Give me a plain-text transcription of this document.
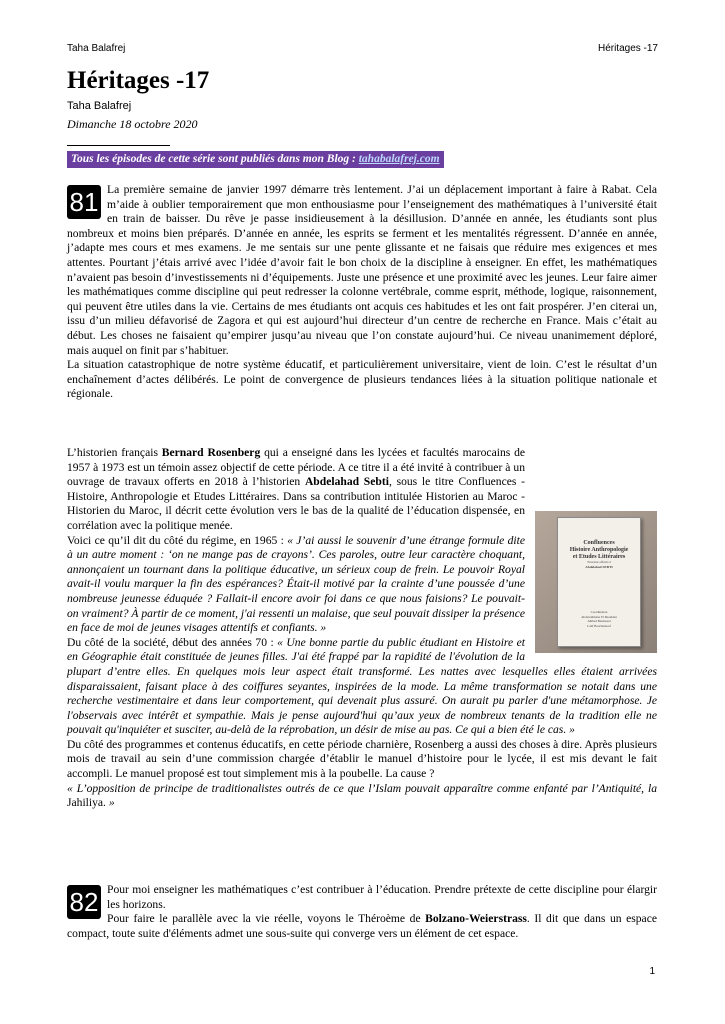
Taha Balafrej	Héritages -17
Héritages -17
Taha Balafrej
Dimanche 18 octobre 2020
Tous les épisodes de cette série sont publiés dans mon Blog : tahabalafrej.com
81 La première semaine de janvier 1997 démarre très lentement. J’ai un déplacement important à faire à Rabat. Cela m’aide à oublier temporairement que mon enthousiasme pour l’enseignement des mathématiques à l’université était en train de baisser. Du rêve je passe insidieusement à la désillusion. D’année en année, les étudiants sont plus nombreux et moins bien préparés. D’année en année, les esprits se ferment et les mentalités régressent. D’année en année, j’adapte mes cours et mes examens. Je me sentais sur une pente glissante et ne faisais que réduire mes exigences et mes attentes. Pourtant j’étais arrivé avec l’idée d’avoir fait le bon choix de la discipline à enseigner. En effet, les mathématiques n’avaient pas besoin d’investissements ni d’équipements. Juste une présence et une proximité avec les jeunes. Leur faire aimer les mathématiques comme discipline qui peut redresser la colonne vertébrale, comme esprit, méthode, logique, raisonnement, qui peuvent être utiles dans la vie. Certains de mes étudiants ont acquis ces habitudes et les ont fait prospérer. J’en citerai un, issu d’un milieu défavorisé de Zagora et qui est aujourd’hui directeur d’un centre de recherche en France. Mais c’était au début. Les choses ne faisaient qu’empirer jusqu’au niveau que l’on constate aujourd’hui. Ce niveau unanimement déploré, mais auquel on finit par s’habituer.

La situation catastrophique de notre système éducatif, et particulièrement universitaire, vient de loin. C’est le résultat d’un enchaînement d’actes délibérés. Le point de convergence de plusieurs tendances liées à la situation politique nationale et régionale.

Confluences
Histoire Anthropologie
et Etudes Littéraires
Travaux offerts à
Abdelahad SEBTI
Coordination
Abderrahmane El Moudden
Ahmed Bendaoud
Latif Bouchentouf

L’historien français Bernard Rosenberg qui a enseigné dans les lycées et facultés marocains de 1957 à 1973 est un témoin assez objectif de cette période. A ce titre il a été invité à contribuer à un ouvrage de travaux offerts en 2018 à l’historien Abdelahad Sebti, sous le titre Confluences - Histoire, Anthropologie et Etudes Littéraires. Dans sa contribution intitulée Historien au Maroc - Historien du Maroc, il décrit cette évolution vers le bas de la qualité de l’éducation dispensée, en corrélation avec la politique menée.

Voici ce qu’il dit du côté du régime, en 1965 : « J’ai aussi le souvenir d’une étrange formule dite à un autre moment : ‘on ne mange pas de crayons’. Ces paroles, outre leur caractère choquant, annonçaient un tournant dans la politique éducative, un sérieux coup de frein. Le pouvoir Royal avait-il voulu marquer la fin des espérances? Était-il motivé par la crainte d’une poussée d’une nombreuse jeunesse éduquée ? Fallait-il encore avoir foi dans ce que nous faisions? Le pouvait-on vraiment? À partir de ce moment, j'ai ressenti un malaise, que seul pouvait dissiper la présence en face de moi de jeunes visages attentifs et confiants. »

Du côté de la société, début des années 70 : « Une bonne partie du public étudiant en Histoire et en Géographie était constituée de jeunes filles. J'ai été frappé par la rapidité de l'évolution de la plupart d’entre elles. En quelques mois leur aspect était transformé. Les nattes avec lesquelles elles étaient arrivées disparaissaient, faisant place à des coiffures seyantes, inspirées de la mode. La même transformation se notait dans une recherche vestimentaire et dans leur comportement, qui devenait plus assuré. On aurait pu parler d'une métamorphose. Je l'observais avec intérêt et sympathie. Mais je pense aujourd'hui qu’aux yeux de nombreux tenants de la tradition elle ne pouvait qu'inquiéter et susciter, au-delà de la réprobation, un désir de mise au pas. Ce qui a bien été le cas. »

Du côté des programmes et contenus éducatifs, en cette période charnière, Rosenberg a aussi des choses à dire. Après plusieurs mois de travail au sein d’une commission chargée d’établir le manuel d’histoire pour le lycée, il est mis devant le fait accompli. Le manuel proposé est tout simplement mis à la poubelle. La cause ?

« L’opposition de principe de traditionalistes outrés de ce que l’Islam pouvait apparaître comme enfanté par l’Antiquité, la Jahiliya. »

82 Pour moi enseigner les mathématiques c’est contribuer à l’éducation. Prendre prétexte de cette discipline pour élargir les horizons.

Pour faire le parallèle avec la vie réelle, voyons le Théroème de Bolzano-Weierstrass. Il dit que dans un espace compact, toute suite d'éléments admet une sous-suite qui converge vers un élément de cet espace.

1
